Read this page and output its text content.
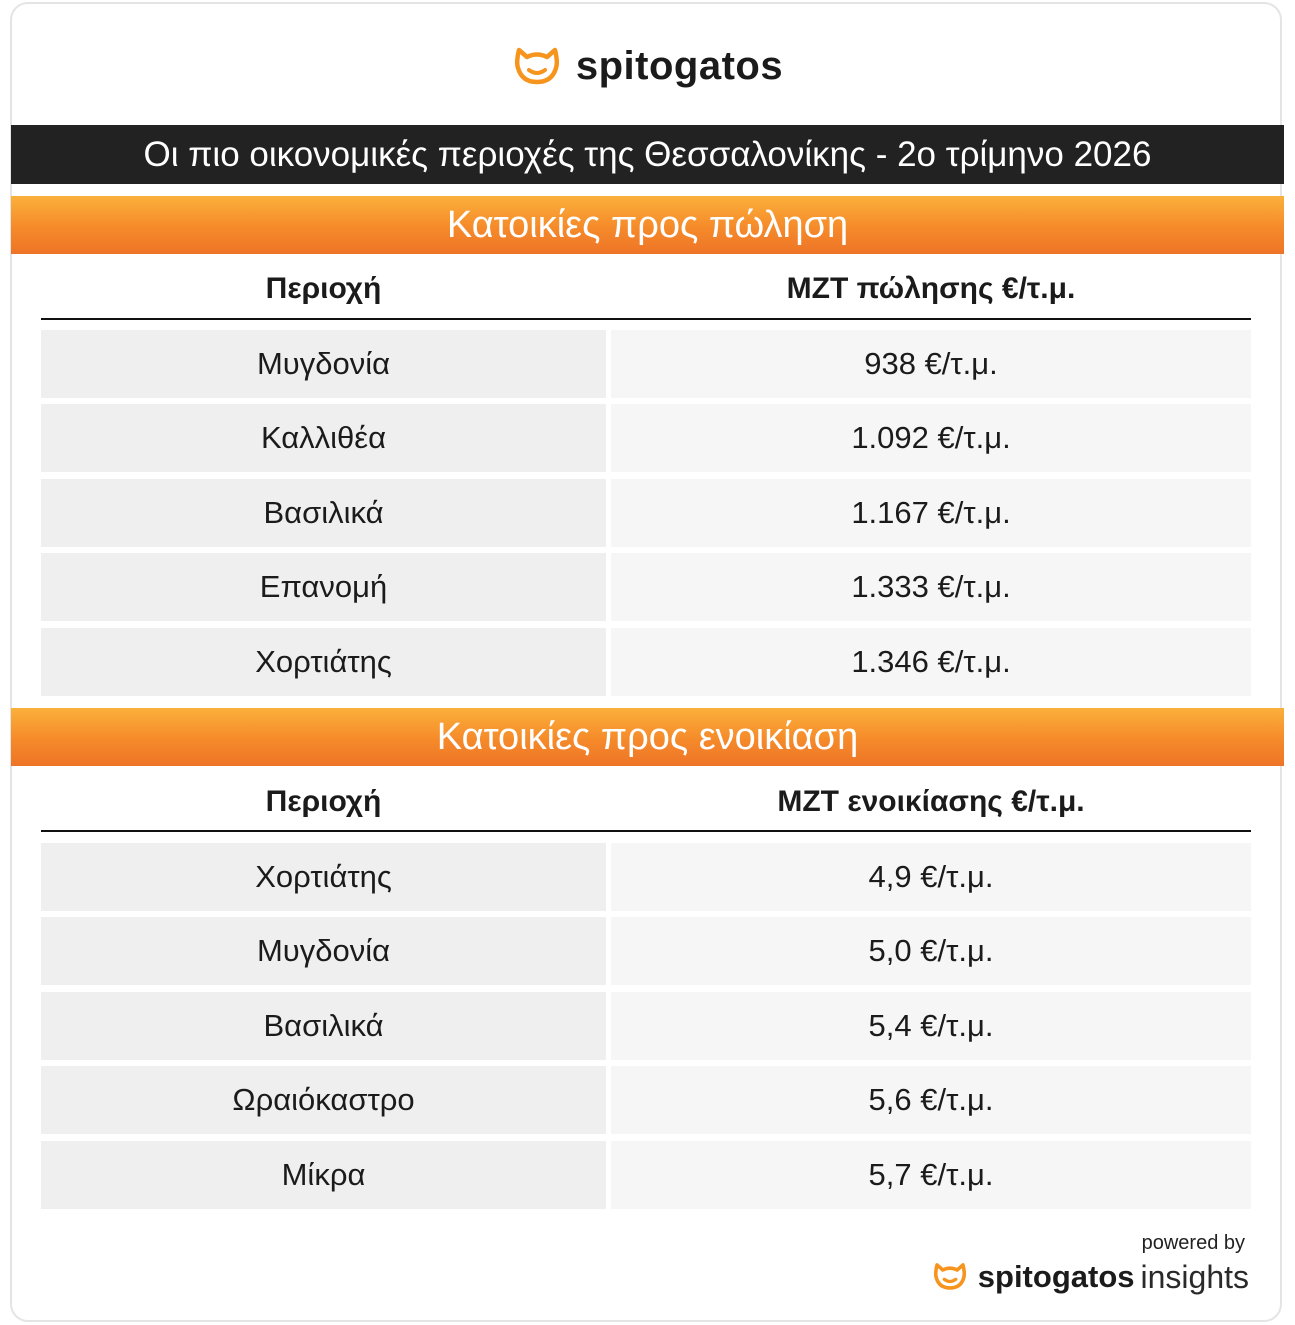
spitogatos
Οι πιο οικονομικές περιοχές της Θεσσαλονίκης - 2ο τρίμηνο 2026
Κατοικίες προς πώληση
Περιοχή	ΜΖΤ πώλησης €/τ.μ.
Μυγδονία	938 €/τ.μ.
Καλλιθέα	1.092 €/τ.μ.
Βασιλικά	1.167 €/τ.μ.
Επανομή	1.333 €/τ.μ.
Χορτιάτης	1.346 €/τ.μ.
Κατοικίες προς ενοικίαση
Περιοχή	ΜΖΤ ενοικίασης €/τ.μ.
Χορτιάτης	4,9 €/τ.μ.
Μυγδονία	5,0 €/τ.μ.
Βασιλικά	5,4 €/τ.μ.
Ωραιόκαστρο	5,6 €/τ.μ.
Μίκρα	5,7 €/τ.μ.
powered by
spitogatos insights
